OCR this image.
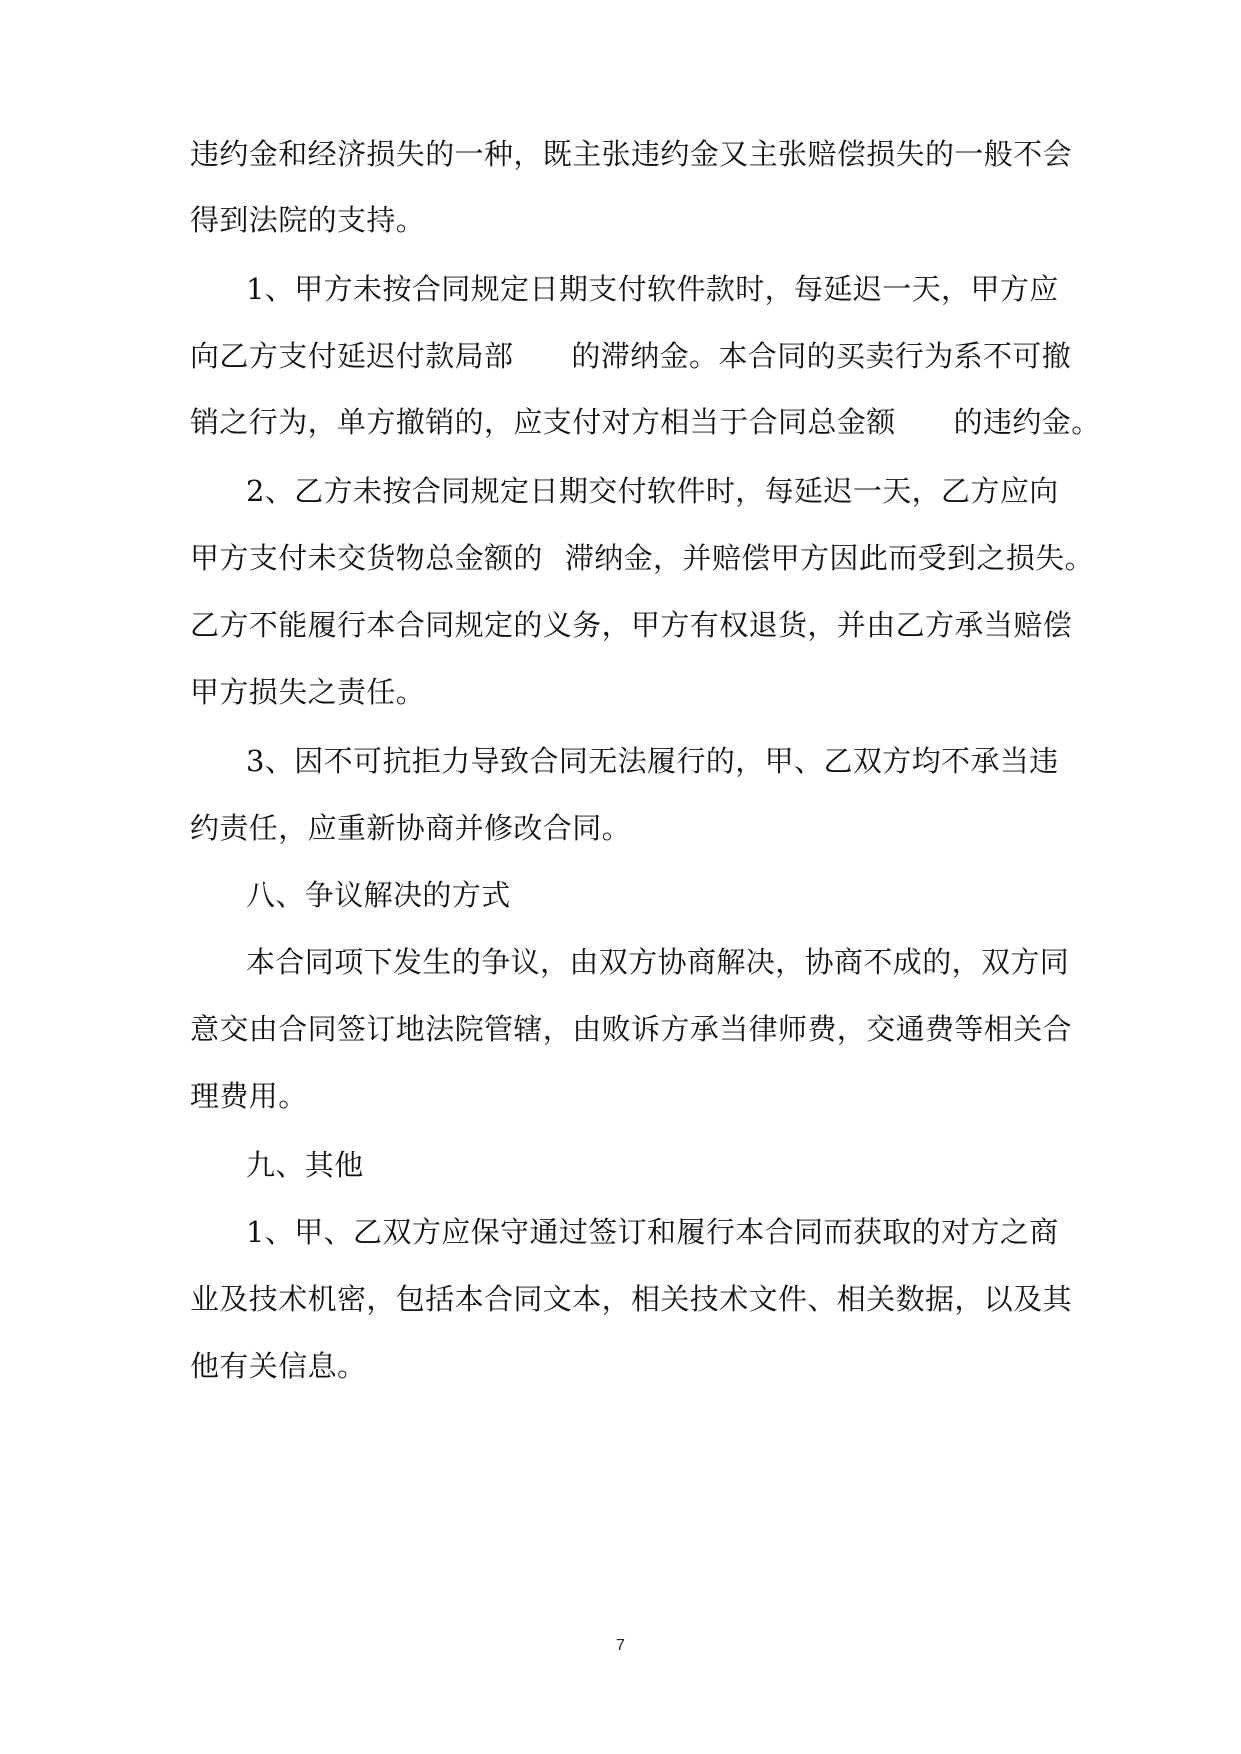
违约金和经济损失的一种，既主张违约金又主张赔偿损失的一般不会
得到法院的支持。
1、甲方未按合同规定日期支付软件款时，每延迟一天，甲方应
向乙方支付延迟付款局部 的滞纳金。本合同的买卖行为系不可撤
销之行为，单方撤销的，应支付对方相当于合同总金额 的违约金。
2、乙方未按合同规定日期交付软件时，每延迟一天，乙方应向
甲方支付未交货物总金额的 滞纳金，并赔偿甲方因此而受到之损失。
乙方不能履行本合同规定的义务，甲方有权退货，并由乙方承当赔偿
甲方损失之责任。
3、因不可抗拒力导致合同无法履行的，甲、乙双方均不承当违
约责任，应重新协商并修改合同。
八、争议解决的方式
本合同项下发生的争议，由双方协商解决，协商不成的，双方同
意交由合同签订地法院管辖，由败诉方承当律师费，交通费等相关合
理费用。
九、其他
1、甲、乙双方应保守通过签订和履行本合同而获取的对方之商
业及技术机密，包括本合同文本，相关技术文件、相关数据，以及其
他有关信息。
7
